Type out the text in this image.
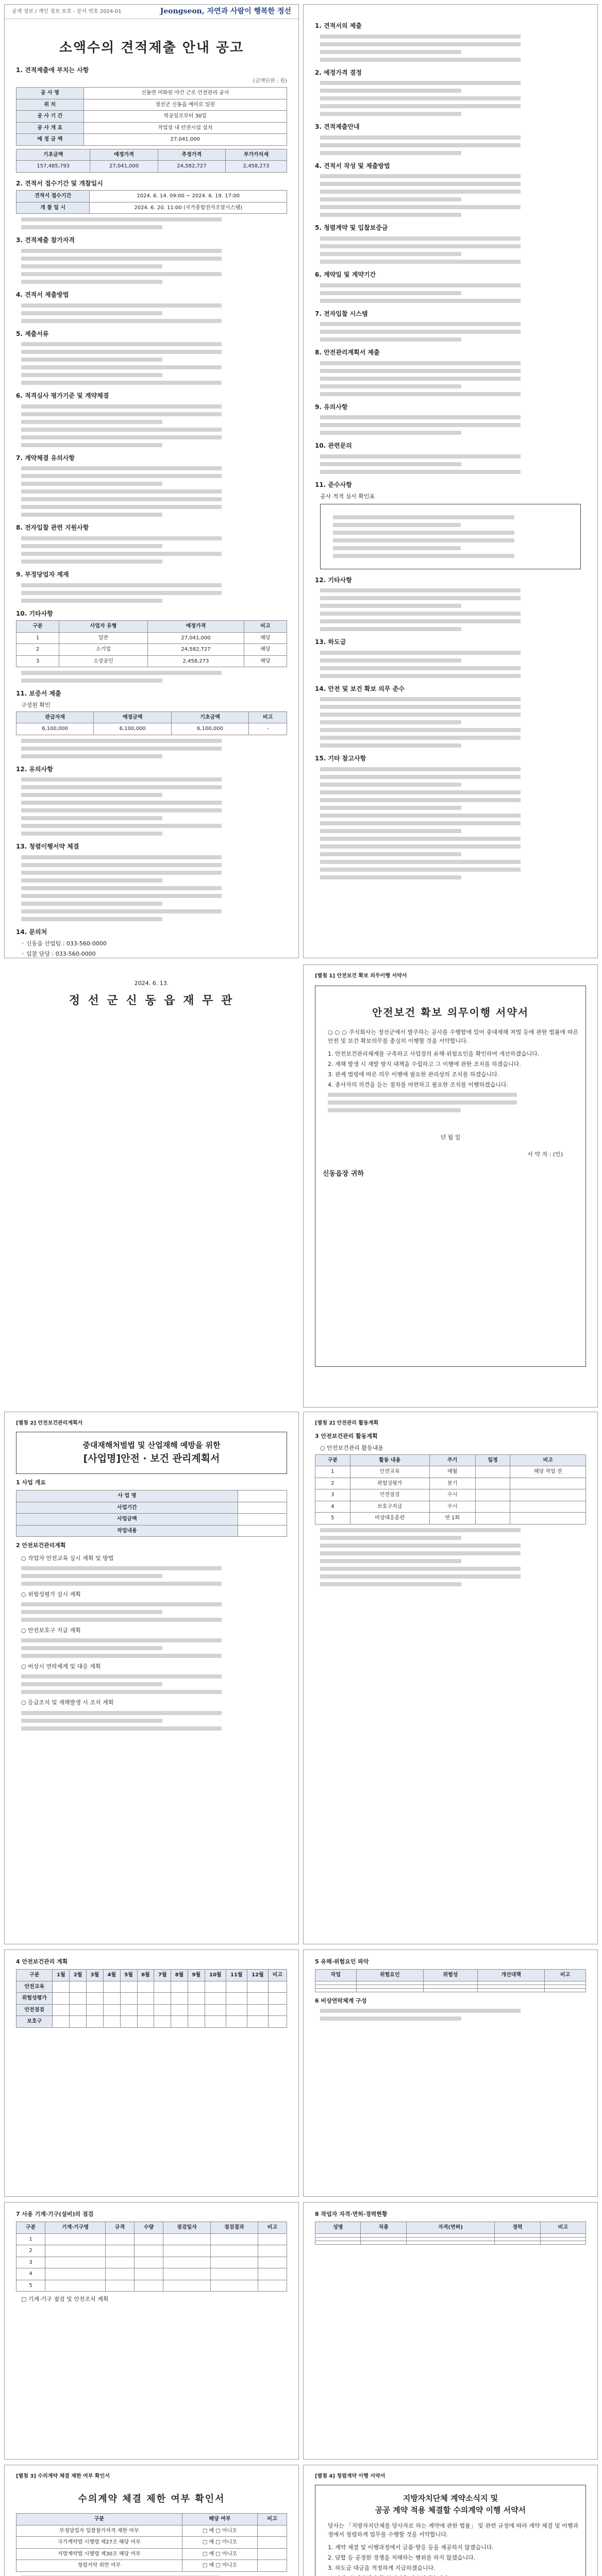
공개 정보 / 개인 정보 보호 - 문서 번호 2024-01	Jeongseon, 자연과 사람이 행복한 정선
소액수의 견적제출 안내 공고
1. 견적제출에 부치는 사항
(금액단위 : 원)
공 사 명	신동면 미화원 야간 근로 안전관리 공사
위 치	정선군 신동읍 예미로 일원
공 사 기 간	착공일로부터 30일
공 사 개 요	작업장 내 안전시설 설치
예 정 금 액	27,041,000
기초금액	예정가격	추정가격	부가가치세
157,485,793	27,041,000	24,582,727	2,458,273
2. 견적서 접수기간 및 개찰일시
견적서 접수기간	2024. 6. 14. 09:00 ~ 2024. 6. 19. 17:00
개 찰 일 시	2024. 6. 20. 11:00 (국가종합전자조달시스템)
3. 견적제출 참가자격
4. 견적서 제출방법
5. 제출서류
6. 적격심사 평가기준 및 계약체결
7. 계약체결 유의사항
8. 전자입찰 관련 지원사항
9. 부정당업자 제재
10. 기타사항
구분	사업자 유형	예정가격	비고
1	일반	27,041,000	해당
2	소기업	24,582,727	해당
3	소상공인	2,458,273	해당
11. 보증서 제출
구성원 확인
관급자재	예정금액	기초금액	비고
6,100,000	6,100,000	6,100,000	-
12. 유의사항
13. 청렴이행서약 체결
14. 문의처
◦ 신동읍 산업팀 : 033-560-0000
◦ 입찰 담당 : 033-560-0000
2024. 6. 13.
정 선 군 신 동 읍 재 무 관
1. 견적서의 제출
2. 예정가격 결정
3. 견적제출안내
4. 견적서 작성 및 제출방법
5. 청렴계약 및 입찰보증금
6. 계약일 및 계약기간
7. 전자입찰 시스템
8. 안전관리계획서 제출
9. 유의사항
10. 관련문의
11. 준수사항
공사 적격 심사 확인표
12. 기타사항
13. 하도급
14. 안전 및 보건 확보 의무 준수
15. 기타 참고사항
[별첨 1] 안전보건 확보 의무이행 서약서
안전보건 확보 의무이행 서약서
○ ○ ○ 주식회사는 정선군에서 발주하는 공사를 수행함에 있어 중대재해 처벌 등에 관한 법률에 따른 안전 및 보건 확보의무를 충실히 이행할 것을 서약합니다.
1. 안전보건관리체계를 구축하고 사업장의 유해·위험요인을 확인하여 개선하겠습니다.
2. 재해 발생 시 재발 방지 대책을 수립하고 그 이행에 관한 조치를 하겠습니다.
3. 관계 법령에 따른 의무 이행에 필요한 관리상의 조치를 하겠습니다.
4. 종사자의 의견을 듣는 절차를 마련하고 필요한 조치를 이행하겠습니다.
년 월 일
서 약 자 : (인)
신동읍장 귀하
[별첨 2] 안전보건관리계획서
중대재해처벌법 및 산업재해 예방을 위한
[사업명]안전 · 보건 관리계획서
1 사업 개요
사 업 명	
사업기간	
사업금액	
작업내용	
2 안전보건관리계획
○ 작업자 안전교육 실시 계획 및 방법
○ 위험성평가 실시 계획
○ 안전보호구 지급 계획
○ 비상시 연락체계 및 대응 계획
○ 응급조치 및 재해발생 시 조치 계획
[별첨 2] 안전관리 활동계획
3 안전보건관리 활동계획
○ 안전보건관리 활동내용
구분	활동 내용	주기	일정	비고
1	안전교육	매월		해당 작업 전
2	위험성평가	분기		
3	안전점검	수시		
4	보호구지급	수시		
5	비상대응훈련	연 1회		
4 안전보건관리 계획
구분	1월	2월	3월	4월	5월	6월	7월	8월	9월	10월	11월	12월	비고
안전교육													
위험성평가													
안전점검													
보호구													
5 유해·위험요인 파악
작업	위험요인	위험성	개선대책	비고

6 비상연락체계 구성
7 사용 기계·기구(설비)의 점검
구분	기계·기구명	규격	수량	점검일자	점검결과	비고
1						
2						
3						
4						
5						
□ 기계·기구 점검 및 안전조치 계획
8 작업자 자격·면허·경력현황
성명	직종	자격(면허)	경력	비고

[별첨 3] 수의계약 체결 제한 여부 확인서
수의계약 체결 제한 여부 확인서
구분	해당 여부	비고
부정당업자 입찰참가자격 제한 여부	□ 예 □ 아니오	
국가계약법 시행령 제27조 해당 여부	□ 예 □ 아니오	
지방계약법 시행령 제30조 해당 여부	□ 예 □ 아니오	
청렴서약 위반 여부	□ 예 □ 아니오	
[별첨 4] 청렴계약 이행 서약서
지방자치단체 계약소식지 및
공공 계약 적용 체결할 수의계약 이행 서약서
당사는 「지방자치단체를 당사자로 하는 계약에 관한 법률」 및 관련 규정에 따라 계약 체결 및 이행과정에서 청렴하게 업무를 수행할 것을 서약합니다.
1. 계약 체결 및 이행과정에서 금품·향응 등을 제공하지 않겠습니다.
2. 담합 등 공정한 경쟁을 저해하는 행위를 하지 않겠습니다.
3. 하도급 대금을 적정하게 지급하겠습니다.
